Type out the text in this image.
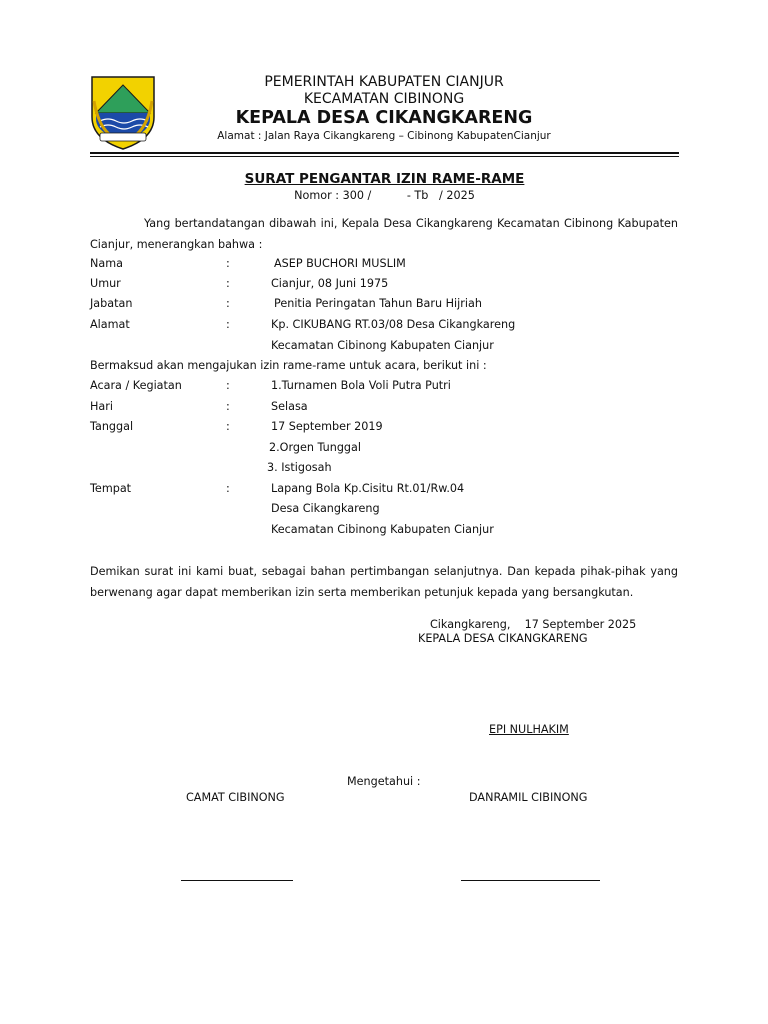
PEMERINTAH KABUPATEN CIANJUR
KECAMATAN CIBINONG
KEPALA DESA CIKANGKARENG
Alamat : Jalan Raya Cikangkareng – Cibinong KabupatenCianjur
SURAT PENGANTAR IZIN RAME-RAME
Nomor : 300 /          - Tb   / 2025
Yang bertandatangan dibawah ini, Kepala Desa Cikangkareng Kecamatan Cibinong Kabupaten Cianjur, menerangkan bahwa :
Nama	:	ASEP BUCHORI MUSLIM
Umur	:	Cianjur, 08 Juni 1975
Jabatan	:	Penitia Peringatan Tahun Baru Hijriah
Alamat	:	Kp. CIKUBANG RT.03/08 Desa Cikangkareng
Kecamatan Cibinong Kabupaten Cianjur
Bermaksud akan mengajukan izin rame-rame untuk acara, berikut ini :
Acara / Kegiatan	:	1.Turnamen Bola Voli Putra Putri
Hari	:	Selasa
Tanggal	:	17 September 2019
2.Orgen Tunggal
3. Istigosah
Tempat	:	Lapang Bola Kp.Cisitu Rt.01/Rw.04
Desa Cikangkareng
Kecamatan Cibinong Kabupaten Cianjur
Demikan surat ini kami buat, sebagai bahan pertimbangan selanjutnya. Dan kepada pihak-pihak yang berwenang agar dapat memberikan izin serta memberikan petunjuk kepada yang bersangkutan.
Cikangkareng,    17 September 2025
KEPALA DESA CIKANGKARENG
EPI NULHAKIM
Mengetahui :
CAMAT CIBINONG	DANRAMIL CIBINONG
